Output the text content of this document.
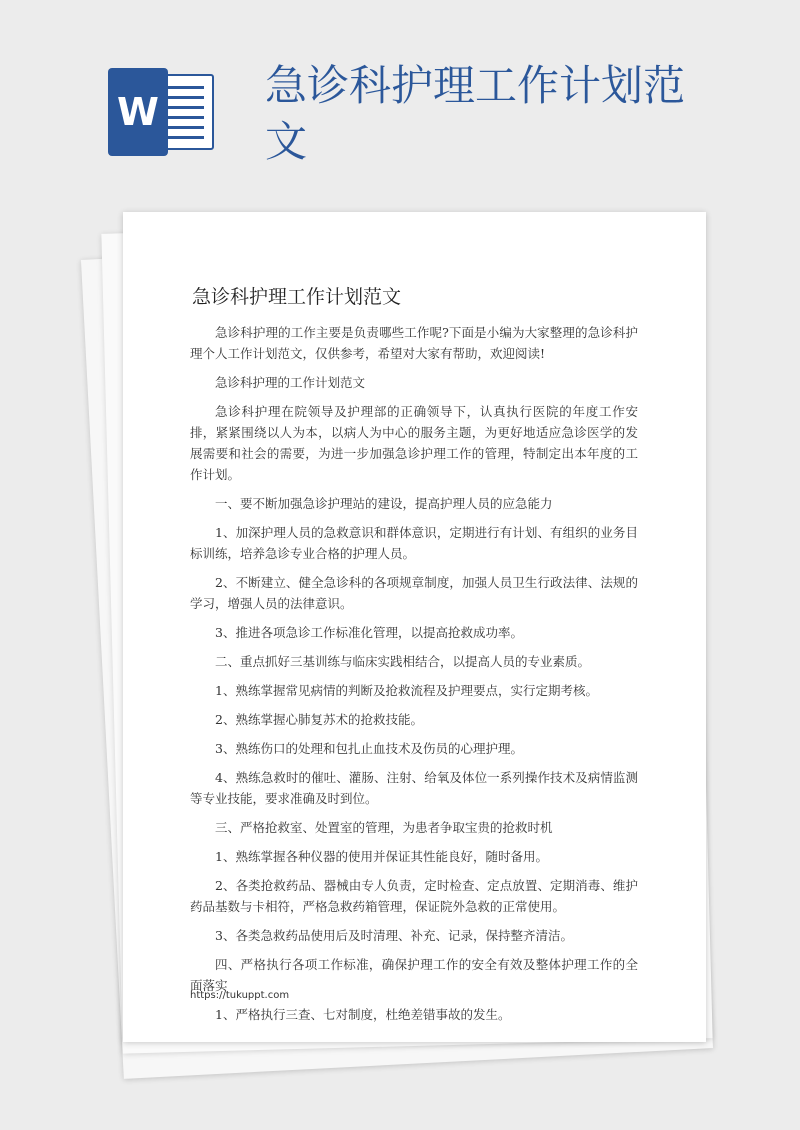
W
急诊科护理工作计划范文
急诊科护理工作计划范文

急诊科护理的工作主要是负责哪些工作呢?下面是小编为大家整理的急诊科护理个人工作计划范文，仅供参考，希望对大家有帮助，欢迎阅读!

急诊科护理的工作计划范文

急诊科护理在院领导及护理部的正确领导下，认真执行医院的年度工作安排，紧紧围绕以人为本，以病人为中心的服务主题，为更好地适应急诊医学的发展需要和社会的需要，为进一步加强急诊护理工作的管理，特制定出本年度的工作计划。

一、要不断加强急诊护理站的建设，提高护理人员的应急能力

1、加深护理人员的急救意识和群体意识，定期进行有计划、有组织的业务目标训练，培养急诊专业合格的护理人员。

2、不断建立、健全急诊科的各项规章制度，加强人员卫生行政法律、法规的学习，增强人员的法律意识。

3、推进各项急诊工作标准化管理，以提高抢救成功率。

二、重点抓好三基训练与临床实践相结合，以提高人员的专业素质。

1、熟练掌握常见病情的判断及抢救流程及护理要点，实行定期考核。

2、熟练掌握心肺复苏术的抢救技能。

3、熟练伤口的处理和包扎止血技术及伤员的心理护理。

4、熟练急救时的催吐、灌肠、注射、给氧及体位一系列操作技术及病情监测等专业技能，要求准确及时到位。

三、严格抢救室、处置室的管理，为患者争取宝贵的抢救时机

1、熟练掌握各种仪器的使用并保证其性能良好，随时备用。

2、各类抢救药品、器械由专人负责，定时检查、定点放置、定期消毒、维护药品基数与卡相符，严格急救药箱管理，保证院外急救的正常使用。

3、各类急救药品使用后及时清理、补充、记录，保持整齐清洁。

四、严格执行各项工作标准，确保护理工作的安全有效及整体护理工作的全面落实

1、严格执行三查、七对制度，杜绝差错事故的发生。

https://tukuppt.com
